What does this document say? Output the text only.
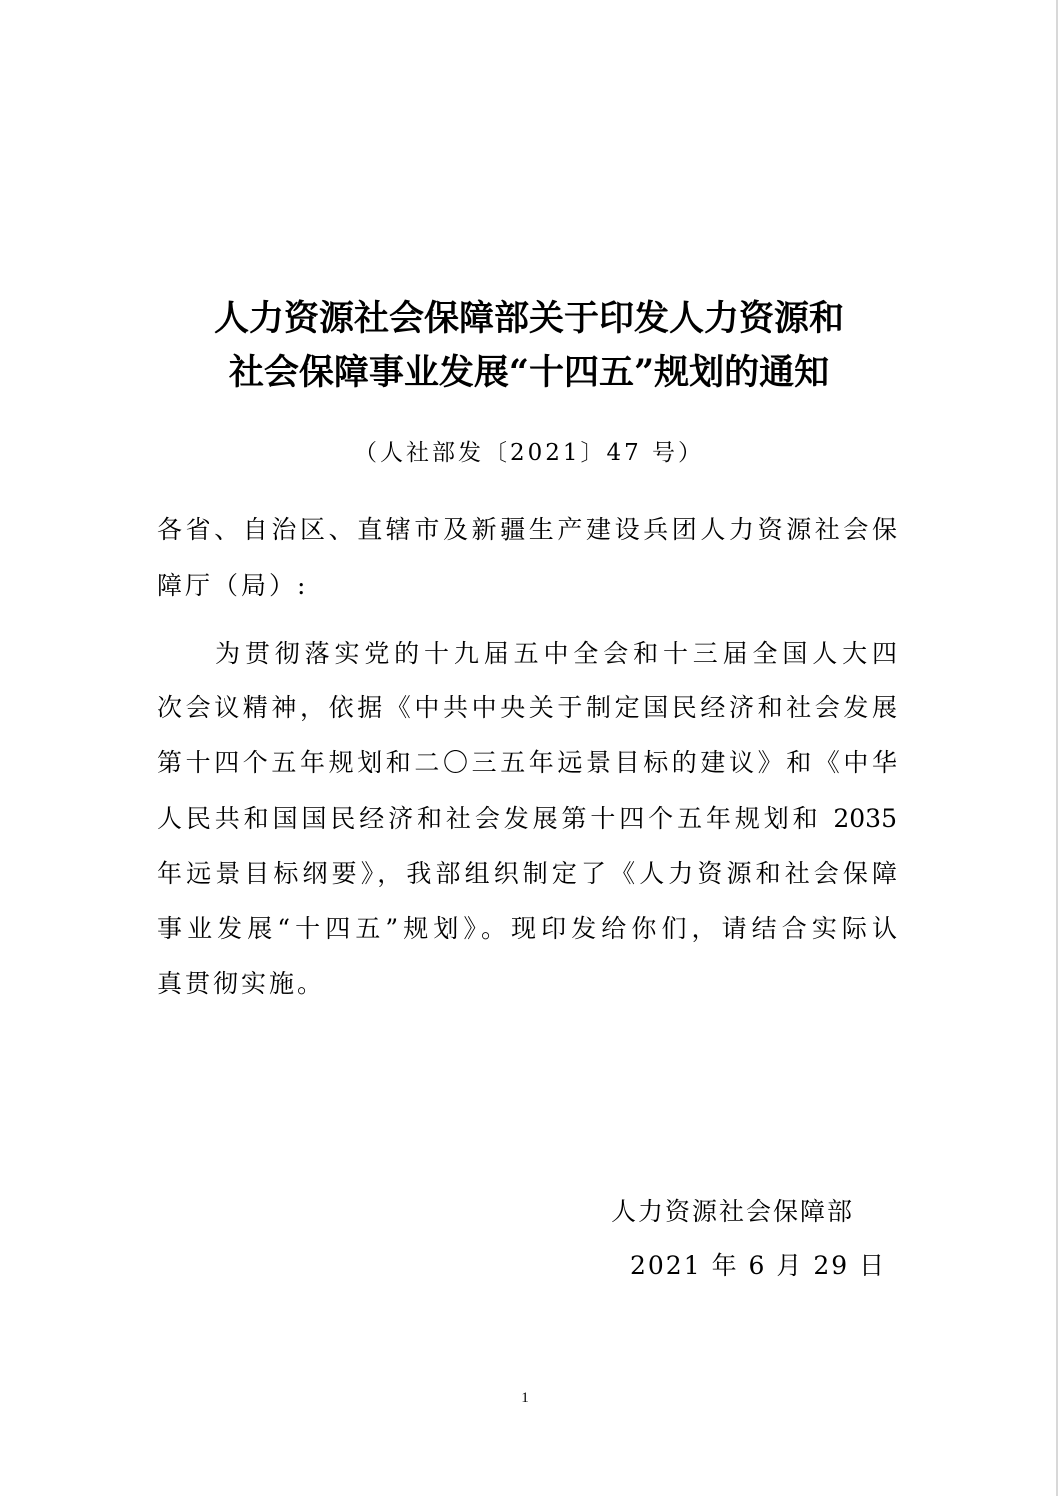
人力资源社会保障部关于印发人力资源和
社会保障事业发展“十四五”规划的通知
（人社部发〔2021〕47 号）
各省、自治区、直辖市及新疆生产建设兵团人力资源社会保
障厅（局）:
为贯彻落实党的十九届五中全会和十三届全国人大四
次会议精神，依据《中共中央关于制定国民经济和社会发展
第十四个五年规划和二〇三五年远景目标的建议》和《中华
人民共和国国民经济和社会发展第十四个五年规划和 2035
年远景目标纲要》，我部组织制定了《人力资源和社会保障
事业发展“十四五”规划》。现印发给你们，请结合实际认
真贯彻实施。
人力资源社会保障部
2021 年 6 月 29 日
1
